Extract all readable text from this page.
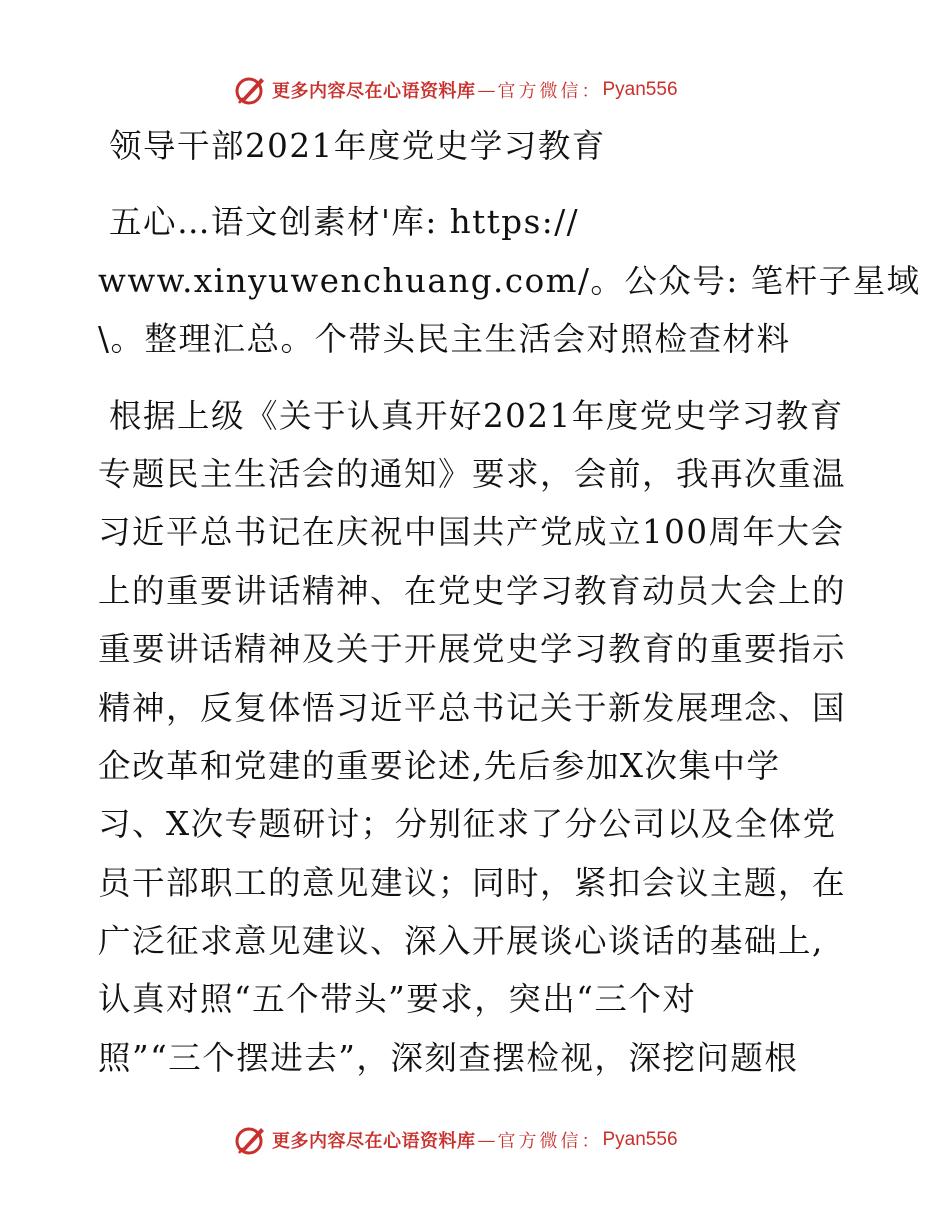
更多内容尽在心语资料库 — 官方微信： Pyan556
领导干部2021年度党史学习教育
五心…语文创素材'库: https://
www.xinyuwenchuang.com/。公众号: 笔杆子星域
\。整理汇总。个带头民主生活会对照检查材料
根据上级《关于认真开好2021年度党史学习教育
专题民主生活会的通知》要求，会前，我再次重温
习近平总书记在庆祝中国共产党成立100周年大会
上的重要讲话精神、在党史学习教育动员大会上的
重要讲话精神及关于开展党史学习教育的重要指示
精神，反复体悟习近平总书记关于新发展理念、国
企改革和党建的重要论述,先后参加X次集中学
习、X次专题研讨；分别征求了分公司以及全体党
员干部职工的意见建议；同时，紧扣会议主题，在
广泛征求意见建议、深入开展谈心谈话的基础上,
认真对照“五个带头”要求，突出“三个对
照”“三个摆进去”，深刻查摆检视，深挖问题根
更多内容尽在心语资料库 — 官方微信： Pyan556
